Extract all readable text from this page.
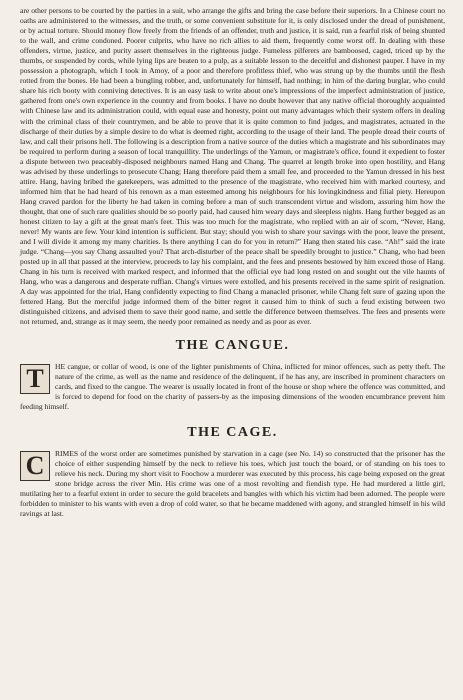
are other persons to be courted by the parties in a suit, who arrange the gifts and bring the case before their superiors. In a Chinese court no oaths are administered to the witnesses, and the truth, or some convenient substitute for it, is only disclosed under the dread of punishment, or by actual torture. Should money flow freely from the friends of an offender, truth and justice, it is said, run a fearful risk of being shunted to the wall, and crime condoned. Poorer culprits, who have no rich allies to aid them, frequently come worst off. In dealing with these offenders, virtue, justice, and purity assert themselves in the righteous judge. Fumeless pilferers are bamboosed, caged, triced up by the thumbs, or suspended by cords, while lying lips are beaten to a pulp, as a suitable lesson to the deceitful and dishonest pauper. I have in my possession a photograph, which I took in Amoy, of a poor and therefore profitless thief, who was strung up by the thumbs until the flesh rotted from the bones. He had been a bungling robber, and, unfortunately for himself, had nothing; in him of the daring burglar, who could share his rich booty with conniving detectives. It is an easy task to write about one's impressions of the imperfect administration of justice, gathered from one's own experience in the country and from books. I have no doubt however that any native official thoroughly acquainted with Chinese law and its administration could, with equal ease and honesty, point out many advantages which their system offers in dealing with the criminal class of their countrymen, and be able to prove that it is quite common to find judges, and magistrates, actuated in the discharge of their duties by a simple desire to do what is deemed right, according to the usage of their land. The people dread their courts of law, and call their prisons hell. The following is a description from a native source of the duties which a magistrate and his subordinates may be required to perform during a season of local tranquillity. The underlings of the Yamun, or magistrate's office, found it expedient to foster a dispute between two peaceably-disposed neighbours named Hang and Chang. The quarrel at length broke into open hostility, and Hang was advised by these underlings to prosecute Chang; Hang therefore paid them a small fee, and proceeded to the Yamun dressed in his best attire. Hang, having bribed the gatekeepers, was admitted to the presence of the magistrate, who received him with marked courtesy, and informed him that he had heard of his renown as a man esteemed among his neighbours for his lovingkindness and filial piety. Hereupon Hang craved pardon for the liberty he had taken in coming before a man of such transcendent virtue and wisdom, assuring him how the thought, that one of such rare qualities should be so poorly paid, had caused him weary days and sleepless nights. Hang further begged as an honest citizen to lay a gift at the great man's feet. This was too much for the magistrate, who replied with an air of scorn, “Never, Hang, never! My wants are few. Your kind intention is sufficient. But stay; should you wish to share your savings with the poor, leave the present, and I will divide it among my many charities. Is there anything I can do for you in return?” Hang then stated his case. “Ah!” said the irate judge. “Chang—you say Chang assaulted you? That arch-disturber of the peace shall be speedily brought to justice.” Chang, who had been posted up in all that passed at the interview, proceeds to lay his complaint, and the fees and presents bestowed by him exceed those of Hang. Chang in his turn is received with marked respect, and informed that the official eye had long rested on and sought out the vile haunts of Hang, who was a dangerous and desperate ruffian. Chang's virtues were extolled, and his presents received in the same spirit of resignation. A day was appointed for the trial, Hang confidently expecting to find Chang a manacled prisoner, while Chang felt sure of gazing upon the fettered Hang. But the merciful judge informed them of the bitter regret it caused him to think of such a feud existing between two distinguished citizens, and advised them to save their good name, and settle the difference between themselves. The fees and presents were not returned, and, strange as it may seem, the needy poor remained as needy and as poor as ever.

THE CANGUE.
T	HE cangue, or collar of wood, is one of the lighter punishments of China, inflicted for minor offences, such as petty theft. The nature of the crime, as well as the name and residence of the delinquent, if he has any, are inscribed in prominent characters on cards, and fixed to the cangue. The wearer is usually located in front of the house or shop where the offence was committed, and is forced to depend for food on the charity of passers-by as the imposing dimensions of the wooden encumbrance prevent him feeding himself.

THE CAGE.
C	RIMES of the worst order are sometimes punished by starvation in a cage (see No. 14) so constructed that the prisoner has the choice of either suspending himself by the neck to relieve his toes, which just touch the board, or of standing on his toes to relieve his neck. During my short visit to Foochow a murderer was executed by this process, his cage being exposed on the great stone bridge across the river Min. His crime was one of a most revolting and fiendish type. He had murdered a little girl, mutilating her to a fearful extent in order to secure the gold bracelets and bangles with which his victim had been adorned. The people were forbidden to minister to his wants with even a drop of cold water, so that he became maddened with agony, and strangled himself in his wild ravings at last.
